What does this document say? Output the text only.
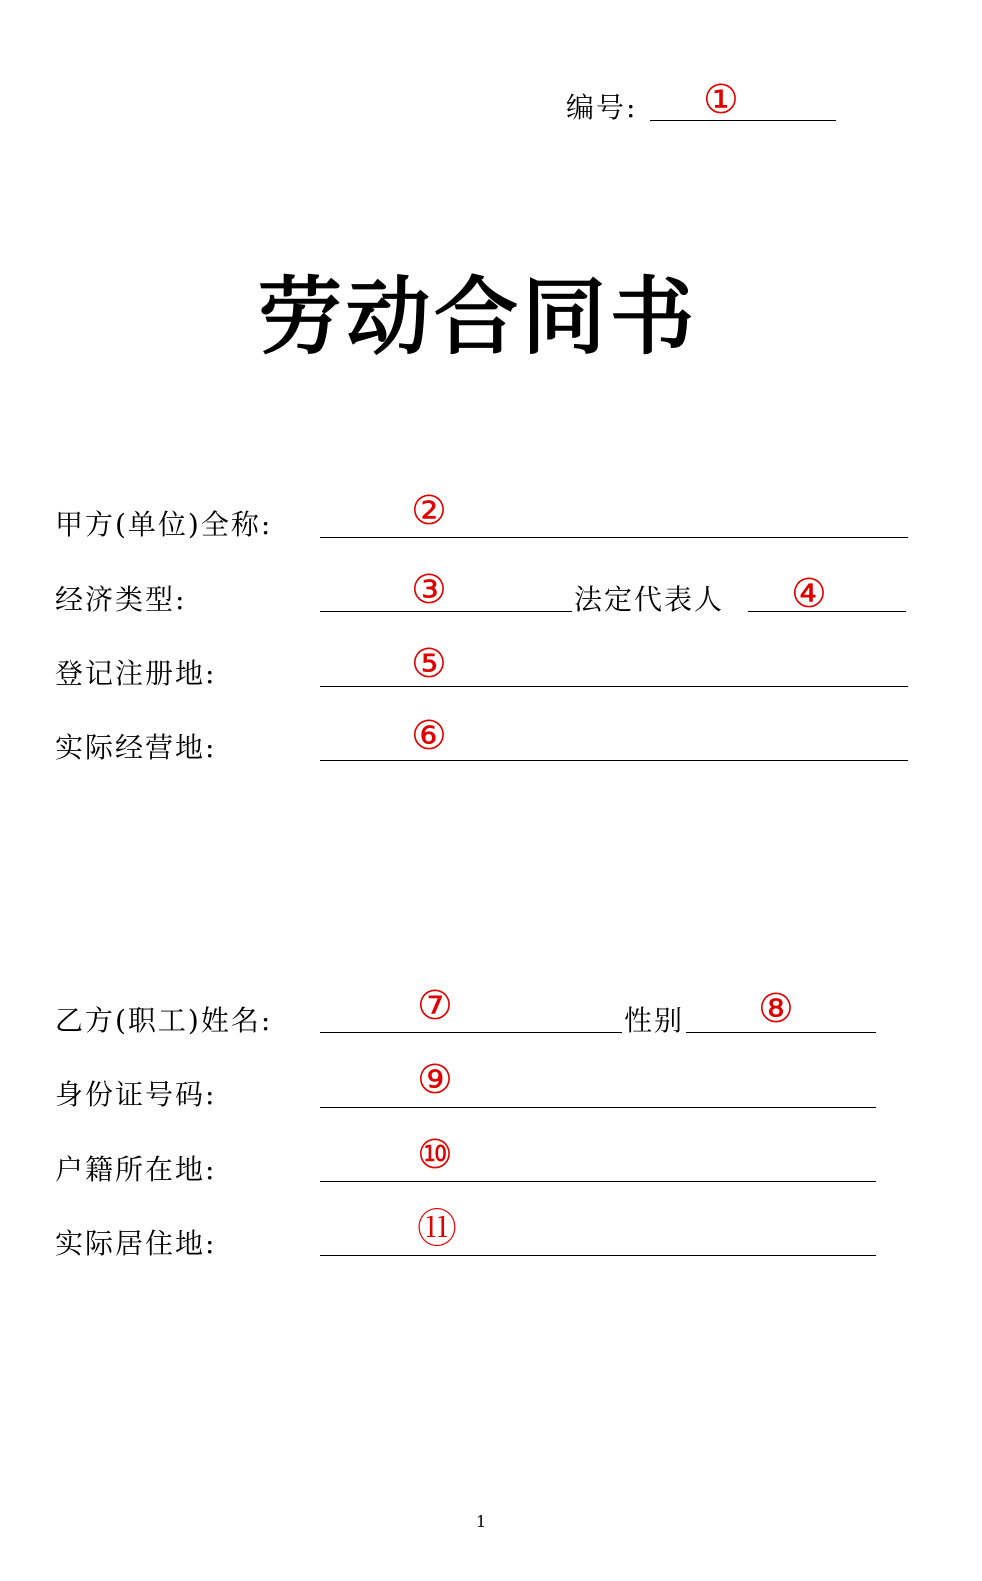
编号: ①
劳动合同书
甲方(单位)全称:	②
经济类型:	③	法定代表人 ④
登记注册地:	⑤
实际经营地:	⑥
乙方(职工)姓名:	⑦	性别 ⑧
身份证号码:	⑨
户籍所在地:	⑩
实际居住地:	⑪
1
